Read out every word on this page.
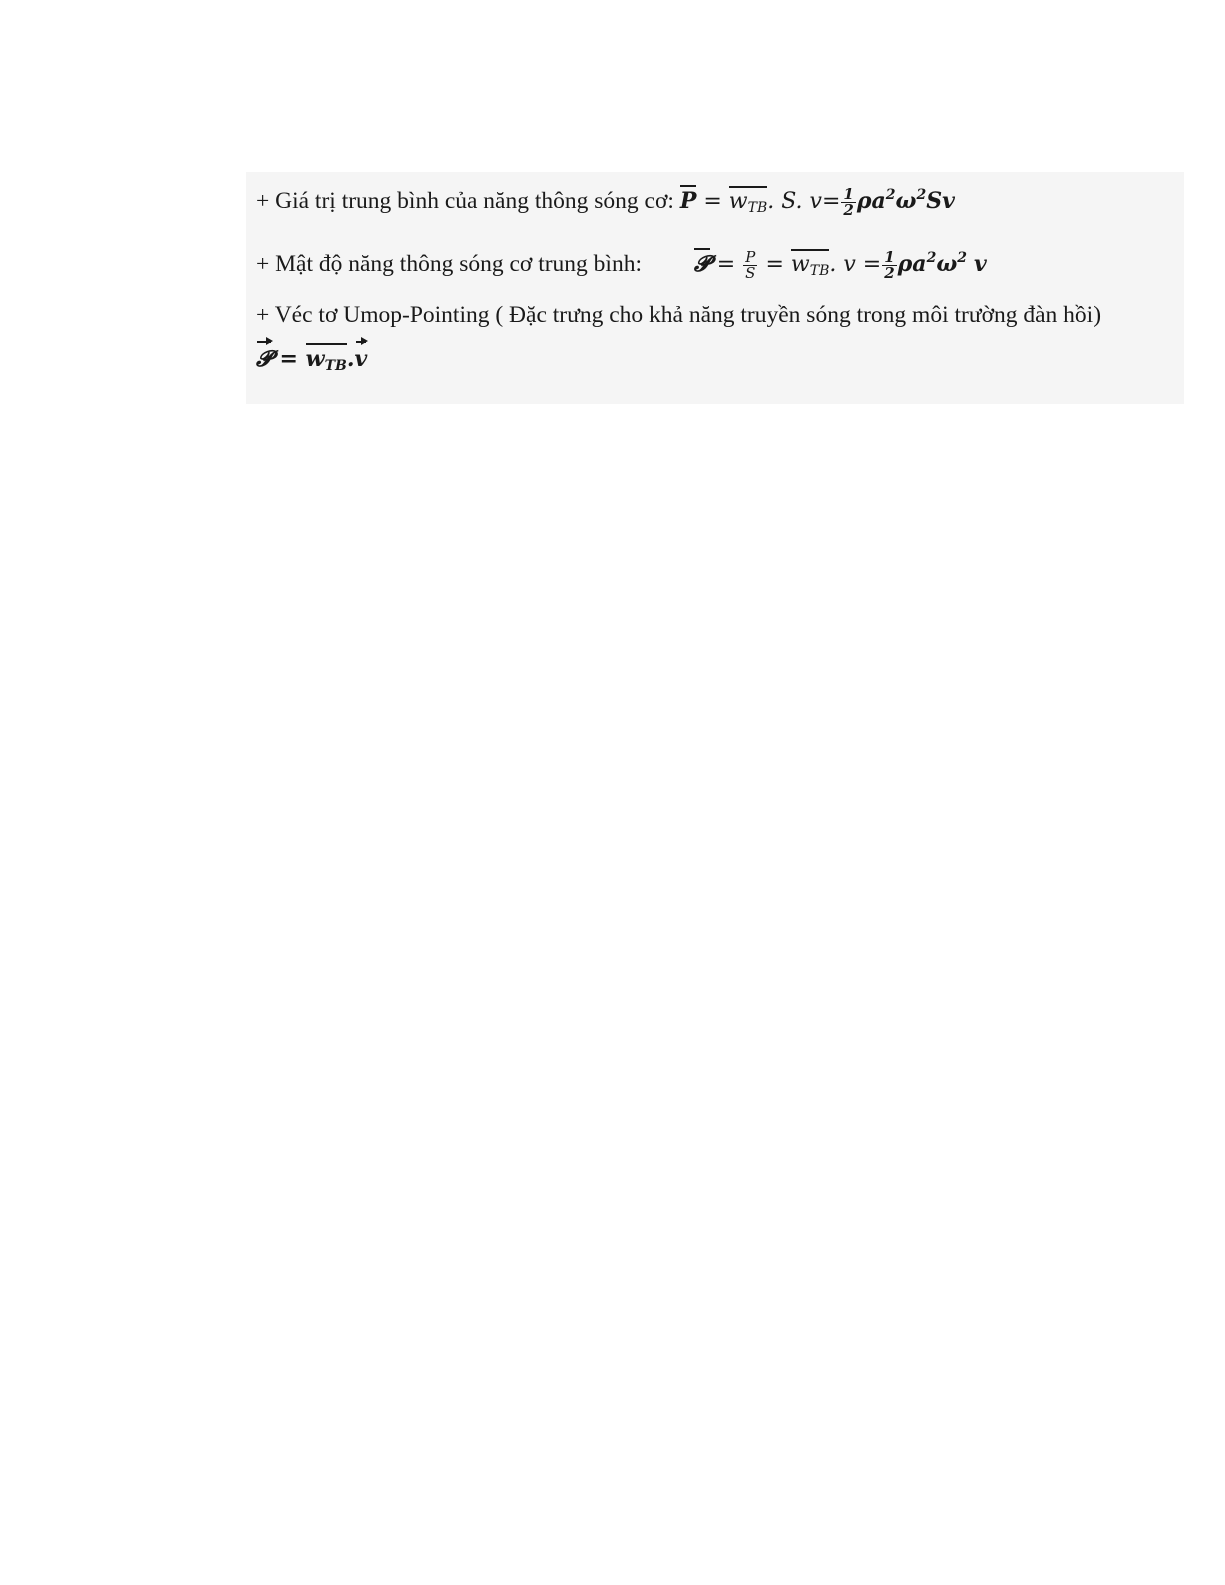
+ Giá trị trung bình của năng thông sóng cơ: $P = w_{TB}$. S. $v= \frac{1}{2} \rho a^2\omega^2Sv$
+ Mật độ năng thông sóng cơ trung bình: 𝓟 = $\frac{P}{S} = w_{TB}$. $v = \frac{1}{2} \rho a^2\omega^2$ v
+ Véc tơ Umop-Pointing ( Đặc trưng cho khả năng truyền sóng trong môi trường đàn hồi)
𝓟 = $w_{TB}.v$
